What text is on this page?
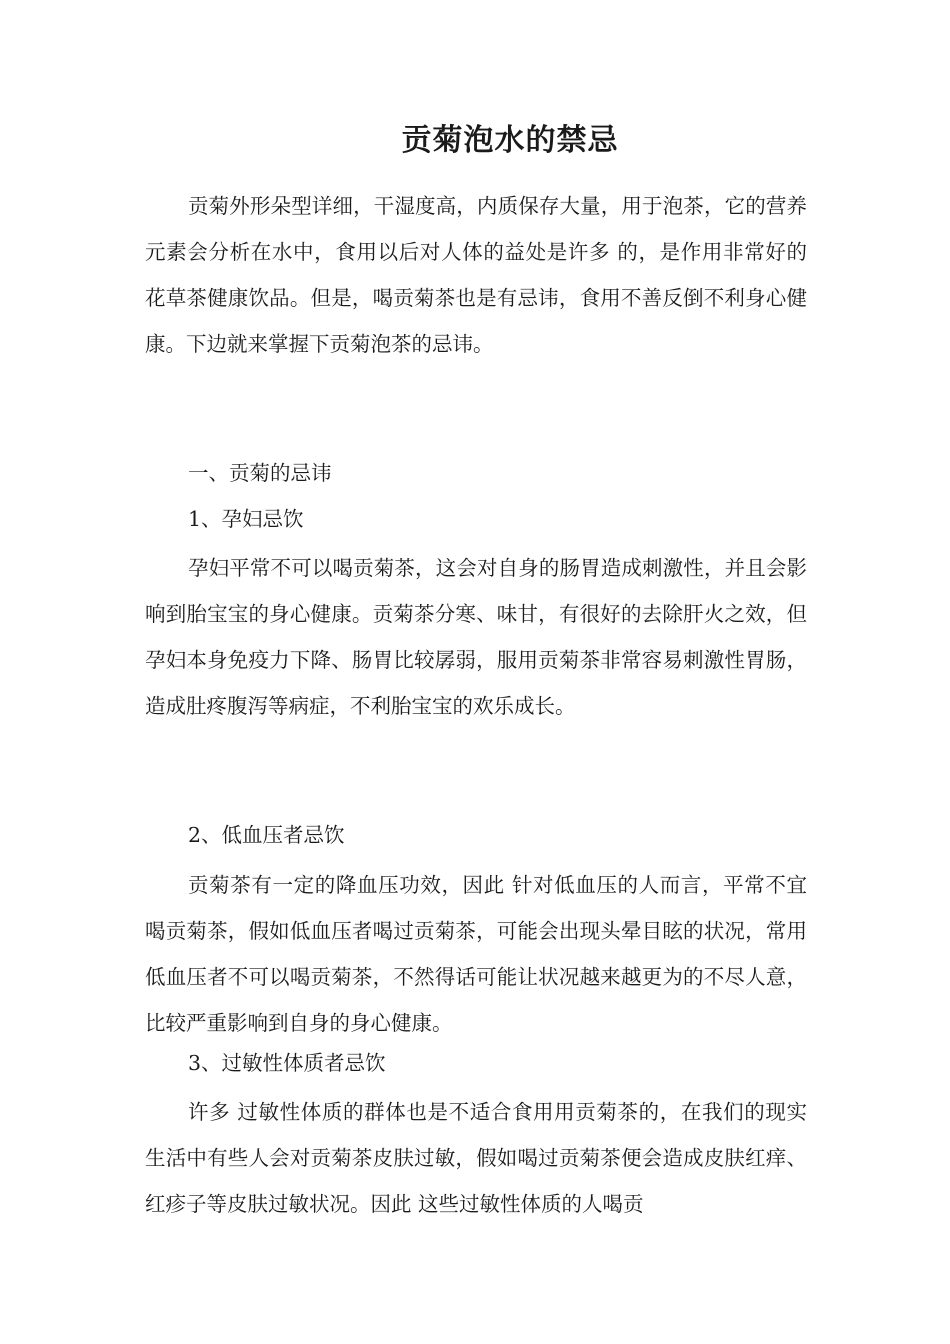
贡菊泡水的禁忌

贡菊外形朵型详细，干湿度高，内质保存大量，用于泡茶，它的营养元素会分析在水中，食用以后对人体的益处是许多 的，是作用非常好的花草茶健康饮品。但是，喝贡菊茶也是有忌讳，食用不善反倒不利身心健康。下边就来掌握下贡菊泡茶的忌讳。

一、贡菊的忌讳
1、孕妇忌饮

孕妇平常不可以喝贡菊茶，这会对自身的肠胃造成刺激性，并且会影响到胎宝宝的身心健康。贡菊茶分寒、味甘，有很好的去除肝火之效，但孕妇本身免疫力下降、肠胃比较孱弱，服用贡菊茶非常容易刺激性胃肠，造成肚疼腹泻等病症，不利胎宝宝的欢乐成长。

2、低血压者忌饮

贡菊茶有一定的降血压功效，因此 针对低血压的人而言，平常不宜喝贡菊茶，假如低血压者喝过贡菊茶，可能会出现头晕目眩的状况，常用低血压者不可以喝贡菊茶，不然得话可能让状况越来越更为的不尽人意，比较严重影响到自身的身心健康。

3、过敏性体质者忌饮

许多 过敏性体质的群体也是不适合食用用贡菊茶的，在我们的现实生活中有些人会对贡菊茶皮肤过敏，假如喝过贡菊茶便会造成皮肤红痒、红疹子等皮肤过敏状况。因此 这些过敏性体质的人喝贡
